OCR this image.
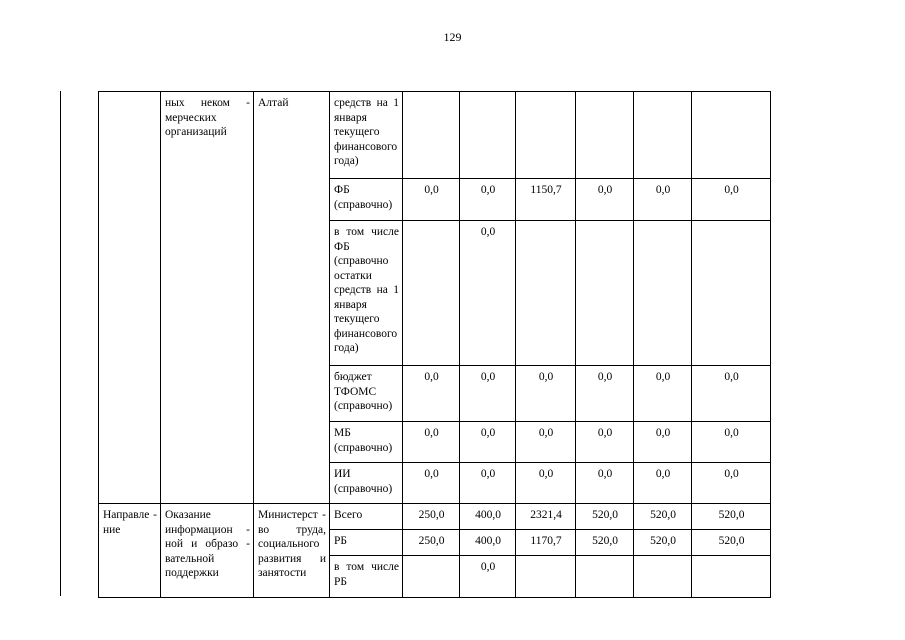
129
	ных неком - мерческих организаций	Алтай	средств на 1 января текущего финансового года)						
			ФБ (справочно)	0,0	0,0	1150,7	0,0	0,0	0,0
			в том числе ФБ (справочно остатки средств на 1 января текущего финансового года)		0,0				
			бюджет ТФОМС (справочно)	0,0	0,0	0,0	0,0	0,0	0,0
			МБ (справочно)	0,0	0,0	0,0	0,0	0,0	0,0
			ИИ (справочно)	0,0	0,0	0,0	0,0	0,0	0,0
Направле - ние	Оказание информацион - ной и образо - вательной поддержки	Министерст - во труда, социального развития и занятости	Всего	250,0	400,0	2321,4	520,0	520,0	520,0
			РБ	250,0	400,0	1170,7	520,0	520,0	520,0
			в том числе РБ		0,0				
